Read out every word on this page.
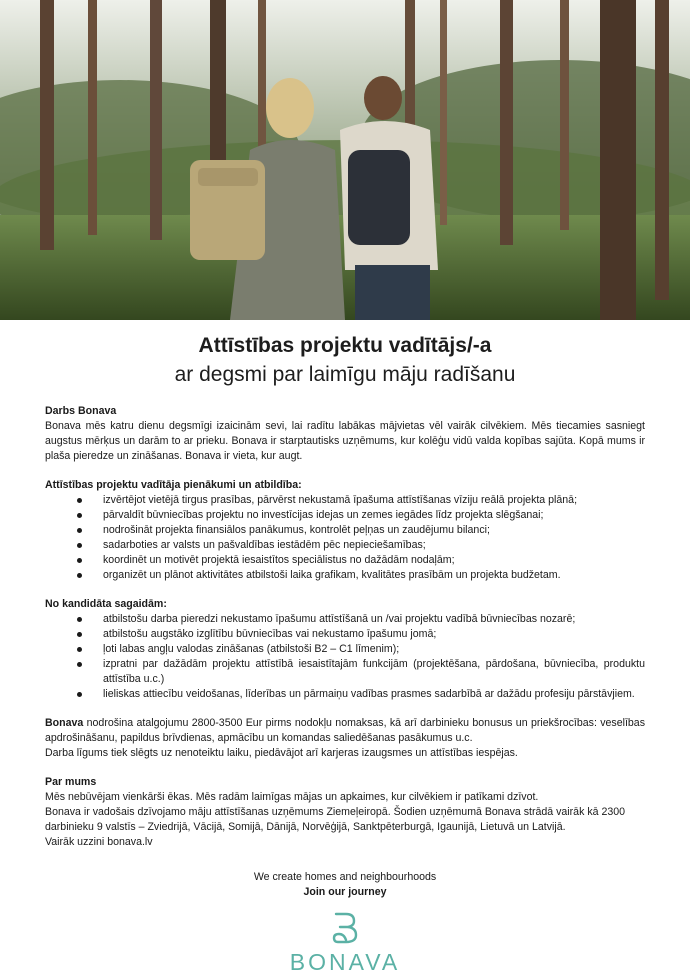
Attīstības projektu vadītājs/-a
ar degsmi par laimīgu māju radīšanu

Darbs Bonava

Bonava mēs katru dienu degsmīgi izaicinām sevi, lai radītu labākas mājvietas vēl vairāk cilvēkiem. Mēs tiecamies sasniegt augstus mērķus un darām to ar prieku. Bonava ir starptautisks uzņēmums, kur kolēģu vidū valda kopības sajūta. Kopā mums ir plaša pieredze un zināšanas. Bonava ir vieta, kur augt.

Attīstības projektu vadītāja pienākumi un atbildība:

izvērtējot vietējā tirgus prasības, pārvērst nekustamā īpašuma attīstīšanas vīziju reālā projekta plānā;
pārvaldīt būvniecības projektu no investīcijas idejas un zemes iegādes līdz projekta slēgšanai;
nodrošināt projekta finansiālos panākumus, kontrolēt peļņas un zaudējumu bilanci;
sadarboties ar valsts un pašvaldības iestādēm pēc nepieciešamības;
koordinēt un motivēt projektā iesaistītos speciālistus no dažādām nodaļām;
organizēt un plānot aktivitātes atbilstoši laika grafikam, kvalitātes prasībām un projekta budžetam.

No kandidāta sagaidām:

atbilstošu darba pieredzi nekustamo īpašumu attīstīšanā un /vai projektu vadībā būvniecības nozarē;
atbilstošu augstāko izglītību būvniecības vai nekustamo īpašumu jomā;
ļoti labas angļu valodas zināšanas (atbilstoši B2 – C1 līmenim);
izpratni par dažādām projektu attīstībā iesaistītajām funkcijām (projektēšana, pārdošana, būvniecība, produktu attīstība u.c.)
lieliskas attiecību veidošanas, līderības un pārmaiņu vadības prasmes sadarbībā ar dažādu profesiju pārstāvjiem.

Bonava nodrošina atalgojumu 2800-3500 Eur pirms nodokļu nomaksas, kā arī darbinieku bonusus un priekšrocības: veselības apdrošināšanu, papildus brīvdienas, apmācību un komandas saliedēšanas pasākumus u.c.

Darba līgums tiek slēgts uz nenoteiktu laiku, piedāvājot arī karjeras izaugsmes un attīstības iespējas.

Par mums

Mēs nebūvējam vienkārši ēkas. Mēs radām laimīgas mājas un apkaimes, kur cilvēkiem ir patīkami dzīvot.

Bonava ir vadošais dzīvojamo māju attīstīšanas uzņēmums Ziemeļeiropā. Šodien uzņēmumā Bonava strādā vairāk kā 2300 darbinieku 9 valstīs – Zviedrijā, Vācijā, Somijā, Dānijā, Norvēģijā, Sanktpēterburgā, Igaunijā, Lietuvā un Latvijā.

Vairāk uzzini bonava.lv

We create homes and neighbourhoods
Join our journey
BONAVA
